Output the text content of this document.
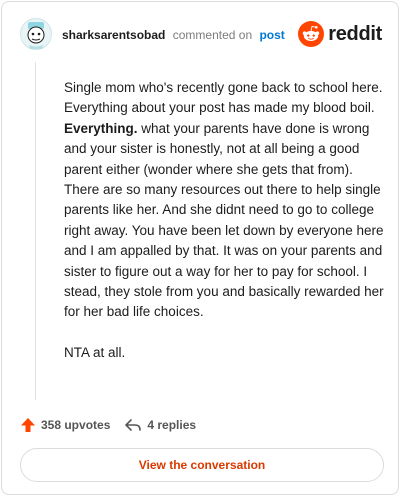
sharksarentsobad commented on post reddit

Single mom who's recently gone back to school here. Everything about your post has made my blood boil. Everything. what your parents have done is wrong and your sister is honestly, not at all being a good parent either (wonder where she gets that from). There are so many resources out there to help single parents like her. And she didnt need to go to college right away. You have been let down by everyone here and I am appalled by that. It was on your parents and sister to figure out a way for her to pay for school. I stead, they stole from you and basically rewarded her for her bad life choices.

NTA at all.

358 upvotes	4 replies
View the conversation
